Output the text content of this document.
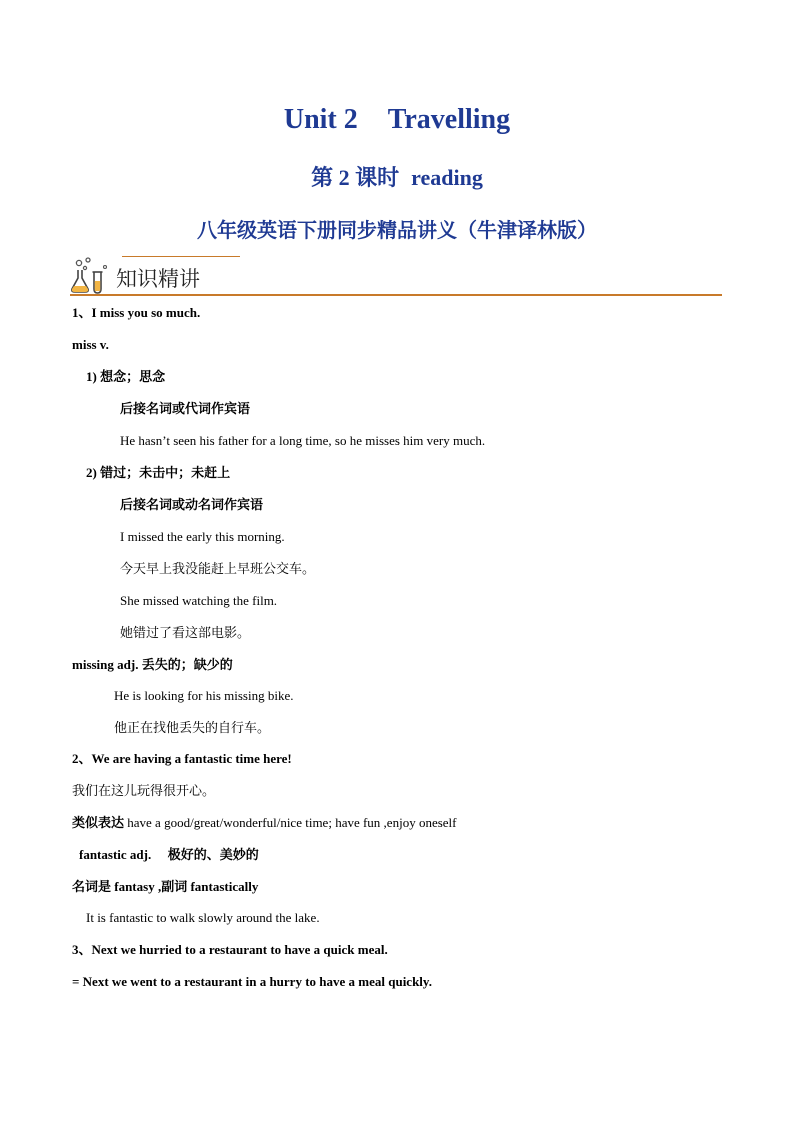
Unit 2 Travelling
第 2 课时 reading
八年级英语下册同步精品讲义（牛津译林版）
知识精讲
1、I miss you so much.
miss v.
1) 想念；思念
后接名词或代词作宾语
He hasn’t seen his father for a long time, so he misses him very much.
2) 错过；未击中；未赶上
后接名词或动名词作宾语
I missed the early this morning.
今天早上我没能赶上早班公交车。
She missed watching the film.
她错过了看这部电影。
missing adj. 丢失的；缺少的
He is looking for his missing bike.
他正在找他丢失的自行车。
2、We are having a fantastic time here!
我们在这儿玩得很开心。
类似表达 have a good/great/wonderful/nice time; have fun ,enjoy oneself
fantastic adj. 极好的、美妙的
名词是 fantasy ,副词 fantastically
It is fantastic to walk slowly around the lake.
3、Next we hurried to a restaurant to have a quick meal.
= Next we went to a restaurant in a hurry to have a meal quickly.
